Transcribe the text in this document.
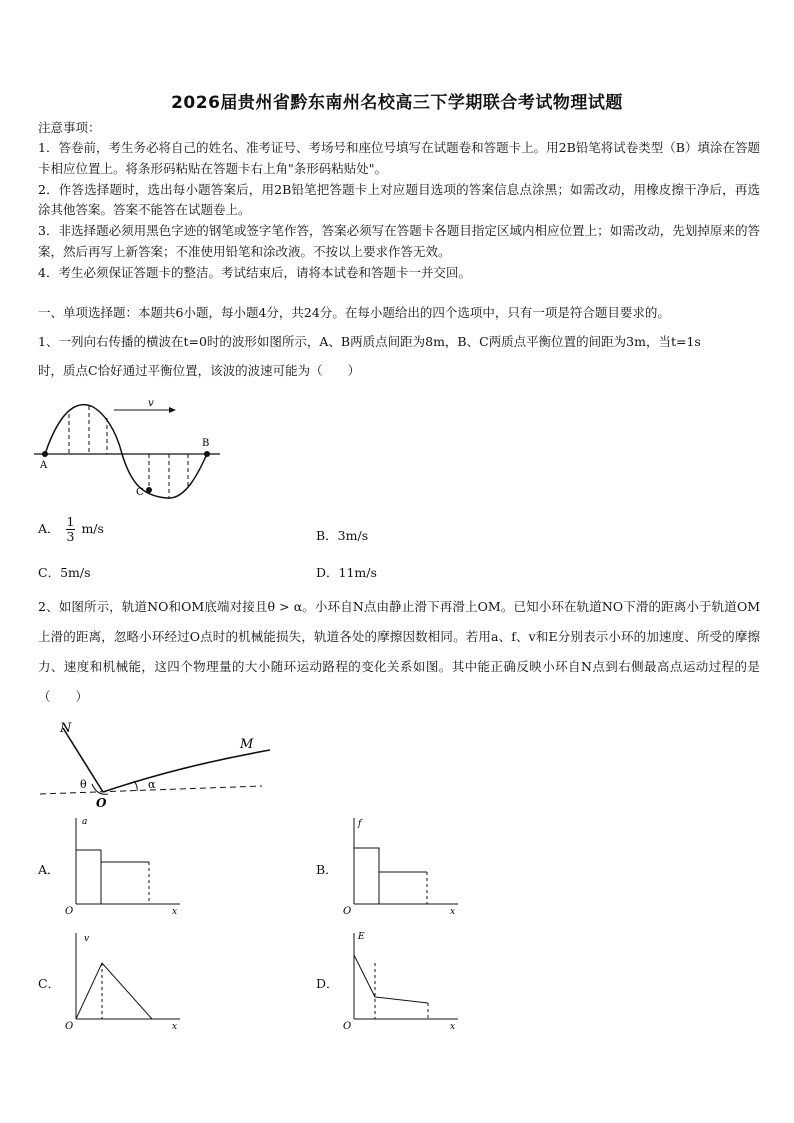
2026届贵州省黔东南州名校高三下学期联合考试物理试题
注意事项：
1．答卷前，考生务必将自己的姓名、准考证号、考场号和座位号填写在试题卷和答题卡上。用2B铅笔将试卷类型（B）填涂在答题卡相应位置上。将条形码粘贴在答题卡右上角"条形码粘贴处"。
2．作答选择题时，选出每小题答案后，用2B铅笔把答题卡上对应题目选项的答案信息点涂黑；如需改动，用橡皮擦干净后，再选涂其他答案。答案不能答在试题卷上。
3．非选择题必须用黑色字迹的钢笔或签字笔作答，答案必须写在答题卡各题目指定区域内相应位置上；如需改动，先划掉原来的答案，然后再写上新答案；不准使用铅笔和涂改液。不按以上要求作答无效。
4．考生必须保证答题卡的整洁。考试结束后，请将本试卷和答题卡一并交回。
一、单项选择题：本题共6小题，每小题4分，共24分。在每小题给出的四个选项中，只有一项是符合题目要求的。
1、一列向右传播的横波在t=0时的波形如图所示，A、B两质点间距为8m，B、C两质点平衡位置的间距为3m，当t=1s
时，质点C恰好通过平衡位置，该波的波速可能为（　　）
v
A
B
C
A． $\frac{1}{3} m/s$	B．3m/s
C．5m/s	D．11m/s

2、如图所示，轨道NO和OM底端对接且θ > α。小环自N点由静止滑下再滑上OM。已知小环在轨道NO下滑的距离小于轨道OM上滑的距离，忽略小环经过O点时的机械能损失，轨道各处的摩擦因数相同。若用a、f、v和E分别表示小环的加速度、所受的摩擦力、速度和机械能，这四个物理量的大小随环运动路程的变化关系如图。其中能正确反映小环自N点到右侧最高点运动过程的是（　　）

N
M
O
θ	α
A．
a
O	x
B．
f
O	x
C．
v
O	x
D．
E
O	x
